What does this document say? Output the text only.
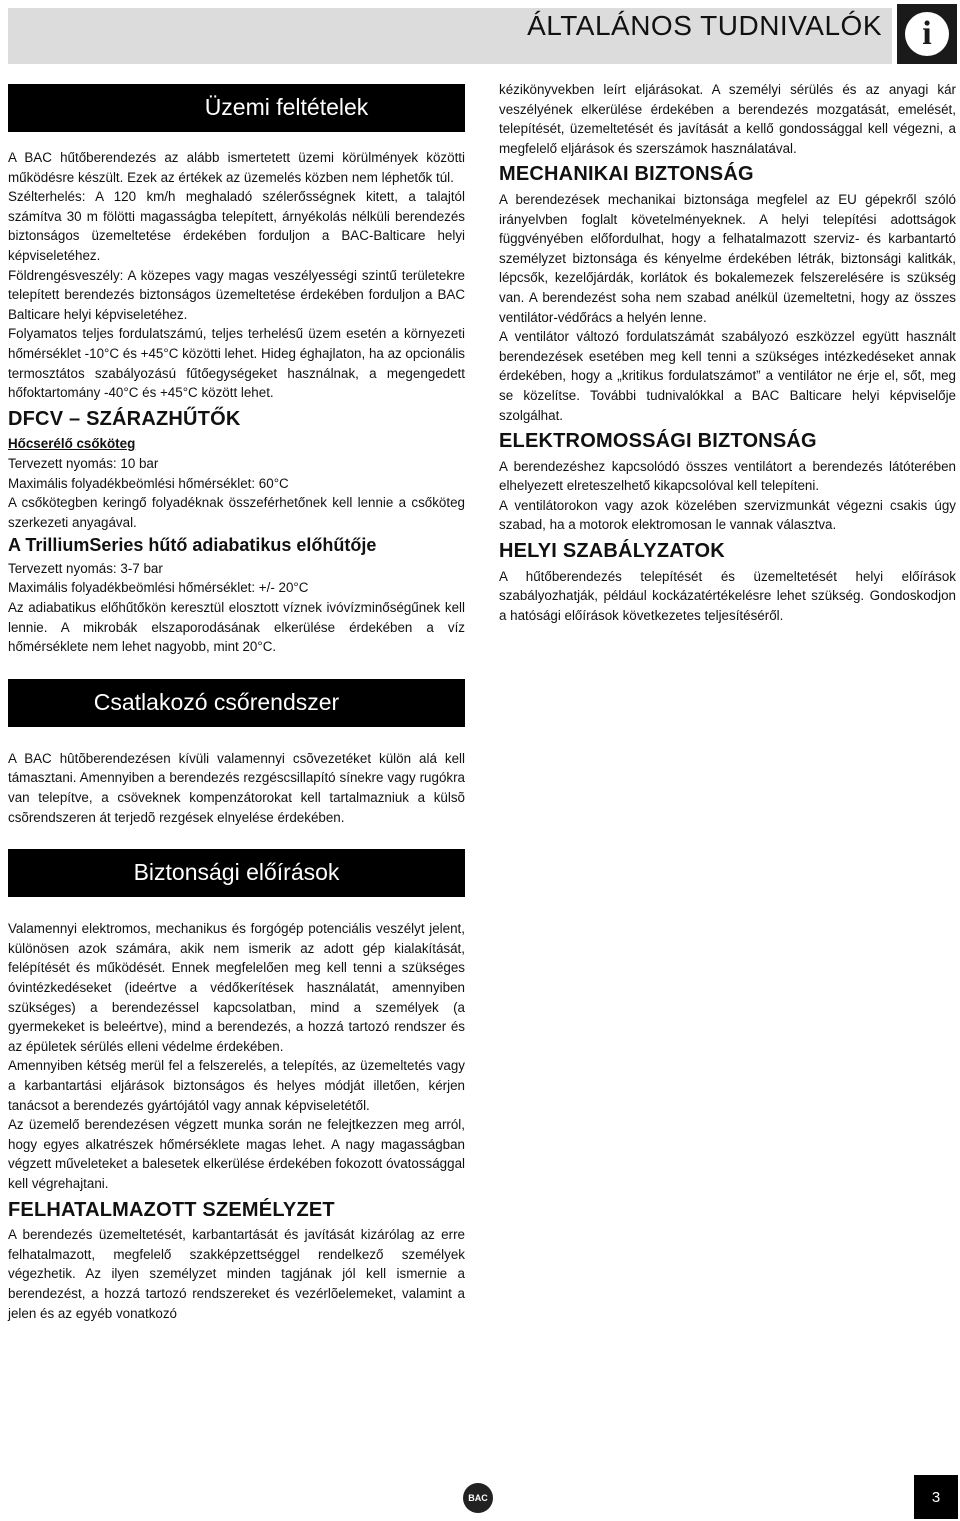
ÁLTALÁNOS TUDNIVALÓK i
Üzemi feltételek

A BAC hűtőberendezés az alább ismertetett üzemi körülmények közötti működésre készült. Ezek az értékek az üzemelés közben nem léphetők túl.

Szélterhelés: A 120 km/h meghaladó szélerősségnek kitett, a talajtól számítva 30 m fölötti magasságba telepített, árnyékolás nélküli berendezés biztonságos üzemeltetése érdekében forduljon a BAC-Balticare helyi képviseletéhez.

Földrengésveszély: A közepes vagy magas veszélyességi szintű területekre telepített berendezés biztonságos üzemeltetése érdekében forduljon a BAC Balticare helyi képviseletéhez.

Folyamatos teljes fordulatszámú, teljes terhelésű üzem esetén a környezeti hőmérséklet -10°C és +45°C közötti lehet. Hideg éghajlaton, ha az opcionális termosztátos szabályozású fűtőegységeket használnak, a megengedett hőfoktartomány -40°C és +45°C között lehet.

DFCV – SZÁRAZHŰTŐK

Hőcserélő csőköteg

Tervezett nyomás: 10 bar

Maximális folyadékbeömlési hőmérséklet: 60°C

A csőkötegben keringő folyadéknak összeférhetőnek kell lennie a csőköteg szerkezeti anyagával.

A TrilliumSeries hűtő adiabatikus előhűtője

Tervezett nyomás: 3-7 bar

Maximális folyadékbeömlési hőmérséklet: +/- 20°C

Az adiabatikus előhűtőkön keresztül elosztott víznek ivóvízminőségűnek kell lennie. A mikrobák elszaporodásának elkerülése érdekében a víz hőmérséklete nem lehet nagyobb, mint 20°C.

Csatlakozó csőrendszer

A BAC hûtõberendezésen kívüli valamennyi csõvezetéket külön alá kell támasztani. Amennyiben a berendezés rezgéscsillapító sínekre vagy rugókra van telepítve, a csöveknek kompenzátorokat kell tartalmazniuk a külsõ csõrendszeren át terjedõ rezgések elnyelése érdekében.

Biztonsági előírások

Valamennyi elektromos, mechanikus és forgógép potenciális veszélyt jelent, különösen azok számára, akik nem ismerik az adott gép kialakítását, felépítését és működését. Ennek megfelelően meg kell tenni a szükséges óvintézkedéseket (ideértve a védőkerítések használatát, amennyiben szükséges) a berendezéssel kapcsolatban, mind a személyek (a gyermekeket is beleértve), mind a berendezés, a hozzá tartozó rendszer és az épületek sérülés elleni védelme érdekében.

Amennyiben kétség merül fel a felszerelés, a telepítés, az üzemeltetés vagy a karbantartási eljárások biztonságos és helyes módját illetően, kérjen tanácsot a berendezés gyártójától vagy annak képviseletétől.

Az üzemelő berendezésen végzett munka során ne felejtkezzen meg arról, hogy egyes alkatrészek hőmérséklete magas lehet. A nagy magasságban végzett műveleteket a balesetek elkerülése érdekében fokozott óvatossággal kell végrehajtani.

FELHATALMAZOTT SZEMÉLYZET

A berendezés üzemeltetését, karbantartását és javítását kizárólag az erre felhatalmazott, megfelelő szakképzettséggel rendelkező személyek végezhetik. Az ilyen személyzet minden tagjának jól kell ismernie a berendezést, a hozzá tartozó rendszereket és vezérlõelemeket, valamint a jelen és az egyéb vonatkozó

kézikönyvekben leírt eljárásokat. A személyi sérülés és az anyagi kár veszélyének elkerülése érdekében a berendezés mozgatását, emelését, telepítését, üzemeltetését és javítását a kellő gondossággal kell végezni, a megfelelő eljárások és szerszámok használatával.

MECHANIKAI BIZTONSÁG

A berendezések mechanikai biztonsága megfelel az EU gépekről szóló irányelvben foglalt követelményeknek. A helyi telepítési adottságok függvényében előfordulhat, hogy a felhatalmazott szerviz- és karbantartó személyzet biztonsága és kényelme érdekében létrák, biztonsági kalitkák, lépcsők, kezelőjárdák, korlátok és bokalemezek felszerelésére is szükség van. A berendezést soha nem szabad anélkül üzemeltetni, hogy az összes ventilátor-védőrács a helyén lenne.

A ventilátor változó fordulatszámát szabályozó eszközzel együtt használt berendezések esetében meg kell tenni a szükséges intézkedéseket annak érdekében, hogy a „kritikus fordulatszámot” a ventilátor ne érje el, sőt, meg se közelítse. További tudnivalókkal a BAC Balticare helyi képviselője szolgálhat.

ELEKTROMOSSÁGI BIZTONSÁG

A berendezéshez kapcsolódó összes ventilátort a berendezés látóterében elhelyezett elreteszelhető kikapcsolóval kell telepíteni.

A ventilátorokon vagy azok közelében szervizmunkát végezni csakis úgy szabad, ha a motorok elektromosan le vannak választva.

HELYI SZABÁLYZATOK

A hűtőberendezés telepítését és üzemeltetését helyi előírások szabályozhatják, például kockázatértékelésre lehet szükség. Gondoskodjon a hatósági előírások következetes teljesítéséről.

BAC	3
